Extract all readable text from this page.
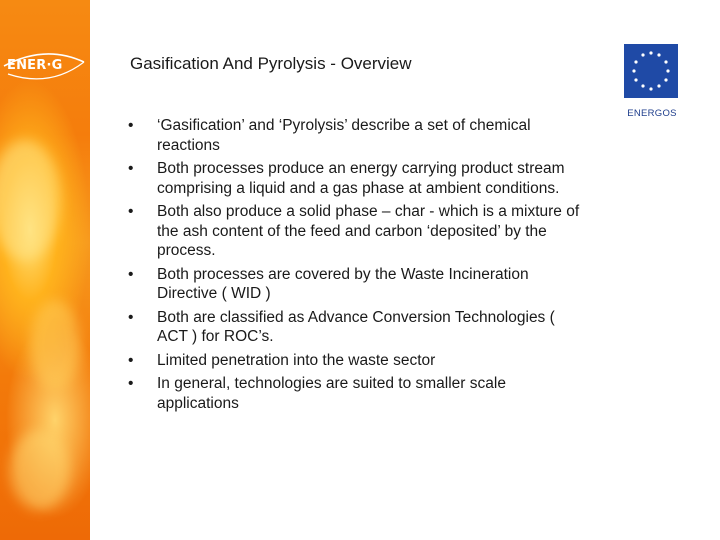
ENER·G	Gasification And Pyrolysis - Overview
•	‘Gasification’ and ‘Pyrolysis’ describe a set of chemical reactions
•	Both processes produce an energy carrying product stream comprising a liquid and a gas phase at ambient conditions.
•	Both also produce a solid phase – char - which is a mixture of the ash content of the feed and carbon ‘deposited’ by the process.
•	Both processes are covered by the Waste Incineration Directive ( WID )
•	Both are classified as Advance Conversion Technologies ( ACT ) for ROC’s.
•	Limited penetration into the waste sector
•	In general, technologies are suited to smaller scale applications
ENERGOS
